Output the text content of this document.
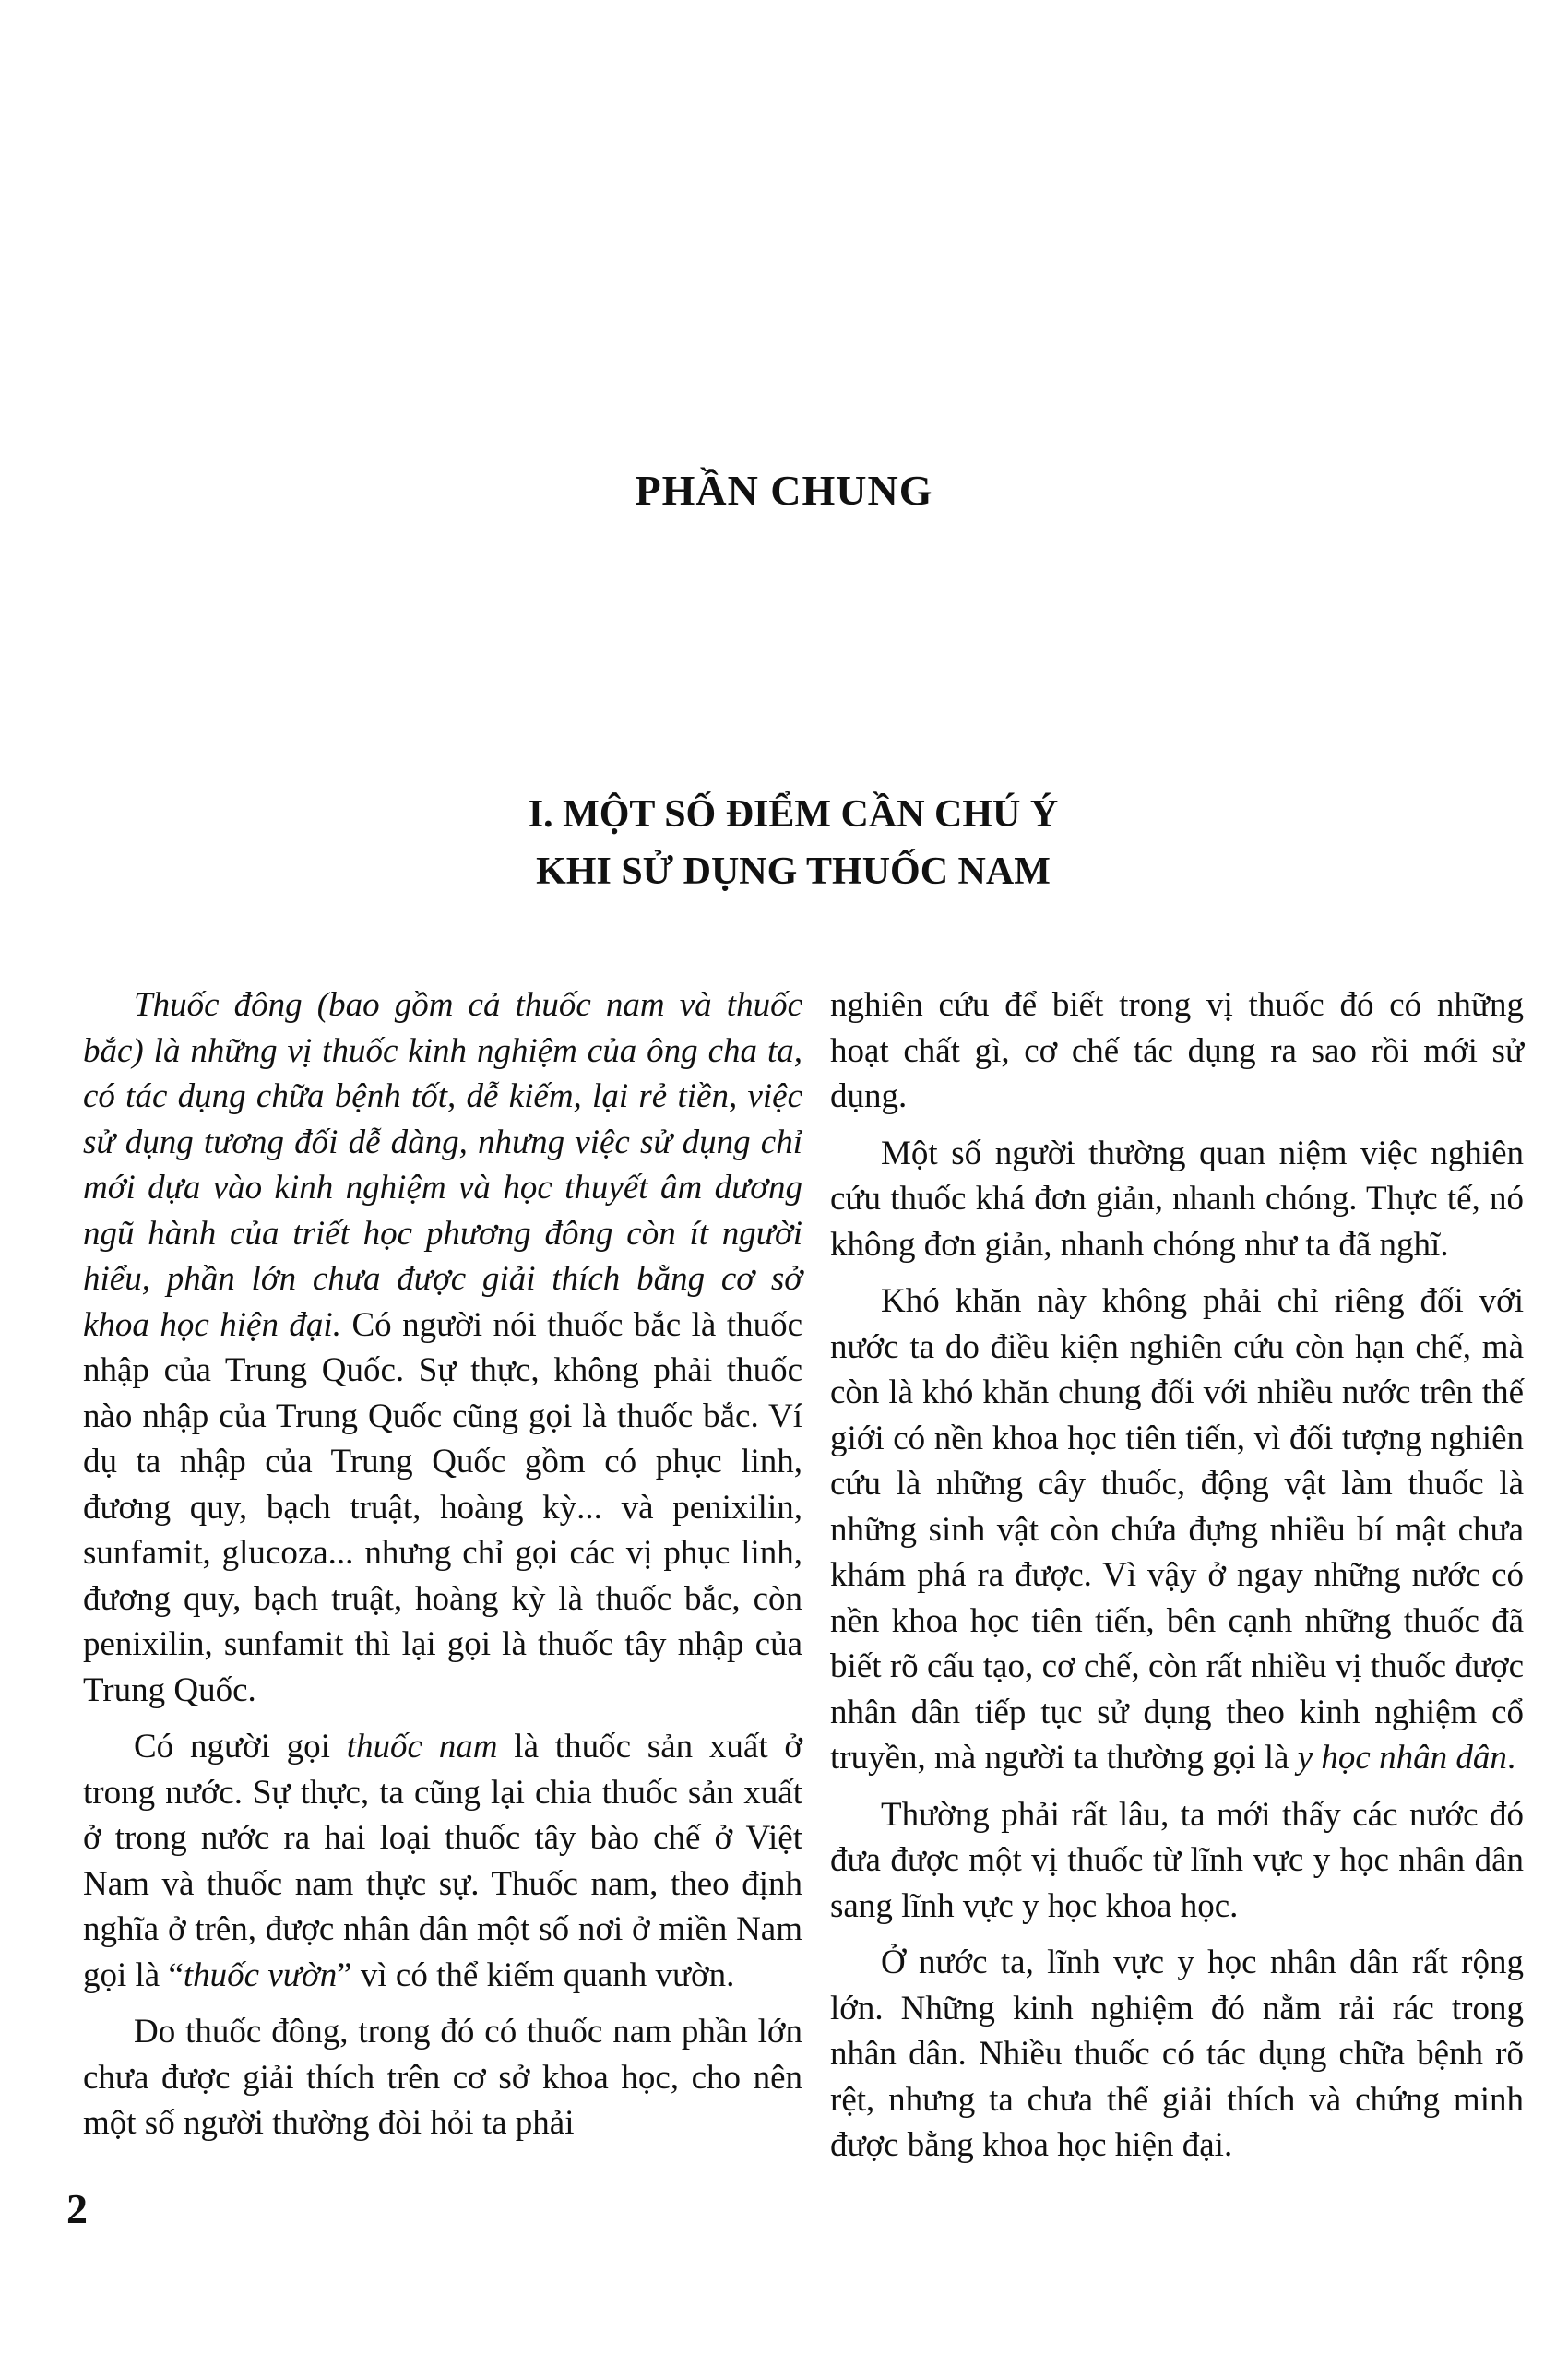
PHẦN CHUNG
I. MỘT SỐ ĐIỂM CẦN CHÚ Ý
KHI SỬ DỤNG THUỐC NAM

Thuốc đông (bao gồm cả thuốc nam và thuốc bắc) là những vị thuốc kinh nghiệm của ông cha ta, có tác dụng chữa bệnh tốt, dễ kiếm, lại rẻ tiền, việc sử dụng tương đối dễ dàng, nhưng việc sử dụng chỉ mới dựa vào kinh nghiệm và học thuyết âm dương ngũ hành của triết học phương đông còn ít người hiểu, phần lớn chưa được giải thích bằng cơ sở khoa học hiện đại. Có người nói thuốc bắc là thuốc nhập của Trung Quốc. Sự thực, không phải thuốc nào nhập của Trung Quốc cũng gọi là thuốc bắc. Ví dụ ta nhập của Trung Quốc gồm có phục linh, đương quy, bạch truật, hoàng kỳ... và penixilin, sunfamit, glucoza... nhưng chỉ gọi các vị phục linh, đương quy, bạch truật, hoàng kỳ là thuốc bắc, còn penixilin, sunfamit thì lại gọi là thuốc tây nhập của Trung Quốc.

Có người gọi thuốc nam là thuốc sản xuất ở trong nước. Sự thực, ta cũng lại chia thuốc sản xuất ở trong nước ra hai loại thuốc tây bào chế ở Việt Nam và thuốc nam thực sự. Thuốc nam, theo định nghĩa ở trên, được nhân dân một số nơi ở miền Nam gọi là “thuốc vườn” vì có thể kiếm quanh vườn.

Do thuốc đông, trong đó có thuốc nam phần lớn chưa được giải thích trên cơ sở khoa học, cho nên một số người thường đòi hỏi ta phải

nghiên cứu để biết trong vị thuốc đó có những hoạt chất gì, cơ chế tác dụng ra sao rồi mới sử dụng.

Một số người thường quan niệm việc nghiên cứu thuốc khá đơn giản, nhanh chóng. Thực tế, nó không đơn giản, nhanh chóng như ta đã nghĩ.

Khó khăn này không phải chỉ riêng đối với nước ta do điều kiện nghiên cứu còn hạn chế, mà còn là khó khăn chung đối với nhiều nước trên thế giới có nền khoa học tiên tiến, vì đối tượng nghiên cứu là những cây thuốc, động vật làm thuốc là những sinh vật còn chứa đựng nhiều bí mật chưa khám phá ra được. Vì vậy ở ngay những nước có nền khoa học tiên tiến, bên cạnh những thuốc đã biết rõ cấu tạo, cơ chế, còn rất nhiều vị thuốc được nhân dân tiếp tục sử dụng theo kinh nghiệm cổ truyền, mà người ta thường gọi là y học nhân dân.

Thường phải rất lâu, ta mới thấy các nước đó đưa được một vị thuốc từ lĩnh vực y học nhân dân sang lĩnh vực y học khoa học.

Ở nước ta, lĩnh vực y học nhân dân rất rộng lớn. Những kinh nghiệm đó nằm rải rác trong nhân dân. Nhiều thuốc có tác dụng chữa bệnh rõ rệt, nhưng ta chưa thể giải thích và chứng minh được bằng khoa học hiện đại.

2
